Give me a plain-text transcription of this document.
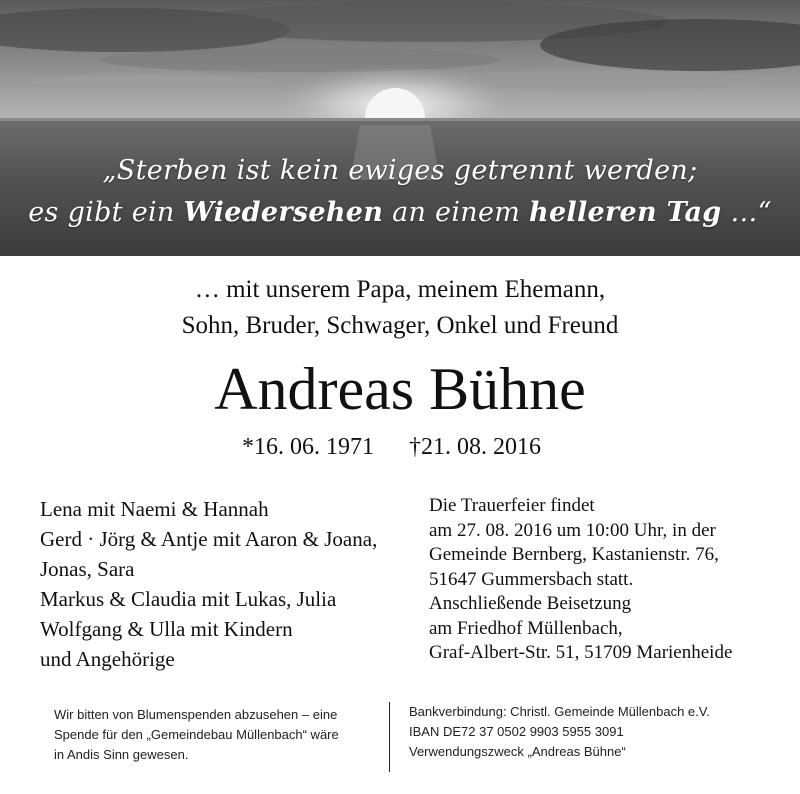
„Sterben ist kein ewiges getrennt werden;
es gibt ein Wiedersehen an einem helleren Tag …“
… mit unserem Papa, meinem Ehemann,
Sohn, Bruder, Schwager, Onkel und Freund
Andreas Bühne
*16. 06. 1971 †21. 08. 2016
Lena mit Naemi & Hannah
Gerd · Jörg & Antje mit Aaron & Joana,
Jonas, Sara
Markus & Claudia mit Lukas, Julia
Wolfgang & Ulla mit Kindern
und Angehörige
Die Trauerfeier findet
am 27. 08. 2016 um 10:00 Uhr, in der
Gemeinde Bernberg, Kastanienstr. 76,
51647 Gummersbach statt.
Anschließende Beisetzung
am Friedhof Müllenbach,
Graf-Albert-Str. 51, 51709 Marienheide
Wir bitten von Blumenspenden abzusehen – eine
Spende für den „Gemeindebau Müllenbach“ wäre
in Andis Sinn gewesen.
Bankverbindung: Christl. Gemeinde Müllenbach e.V.
IBAN DE72 37 0502 9903 5955 3091
Verwendungszweck „Andreas Bühne“
